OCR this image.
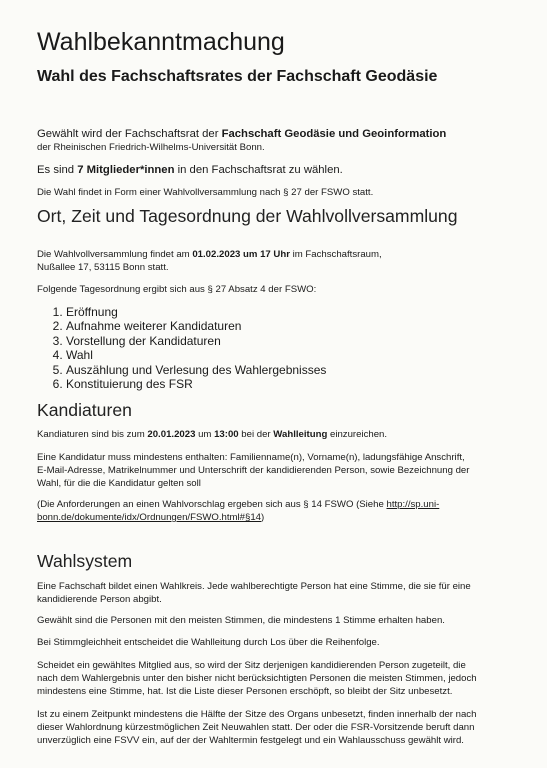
Wahlbekanntmachung
Wahl des Fachschaftsrates der Fachschaft Geodäsie
Gewählt wird der Fachschaftsrat der Fachschaft Geodäsie und Geoinformation
der Rheinischen Friedrich-Wilhelms-Universität Bonn.
Es sind 7 Mitglieder*innen in den Fachschaftsrat zu wählen.
Die Wahl findet in Form einer Wahlvollversammlung nach § 27 der FSWO statt.
Ort, Zeit und Tagesordnung der Wahlvollversammlung
Die Wahlvollversammlung findet am 01.02.2023 um 17 Uhr im Fachschaftsraum,
Nußallee 17, 53115 Bonn statt.
Folgende Tagesordnung ergibt sich aus § 27 Absatz 4 der FSWO:
1. Eröffnung
2. Aufnahme weiterer Kandidaturen
3. Vorstellung der Kandidaturen
4. Wahl
5. Auszählung und Verlesung des Wahlergebnisses
6. Konstituierung des FSR
Kandiaturen
Kandiaturen sind bis zum 20.01.2023 um 13:00 bei der Wahlleitung einzureichen.
Eine Kandidatur muss mindestens enthalten: Familienname(n), Vorname(n), ladungsfähige Anschrift,
E-Mail-Adresse, Matrikelnummer und Unterschrift der kandidierenden Person, sowie Bezeichnung der
Wahl, für die die Kandidatur gelten soll
(Die Anforderungen an einen Wahlvorschlag ergeben sich aus § 14 FSWO (Siehe http://sp.uni-
bonn.de/dokumente/idx/Ordnungen/FSWO.html#§14)
Wahlsystem
Eine Fachschaft bildet einen Wahlkreis. Jede wahlberechtigte Person hat eine Stimme, die sie für eine
kandidierende Person abgibt.
Gewählt sind die Personen mit den meisten Stimmen, die mindestens 1 Stimme erhalten haben.
Bei Stimmgleichheit entscheidet die Wahlleitung durch Los über die Reihenfolge.
Scheidet ein gewähltes Mitglied aus, so wird der Sitz derjenigen kandidierenden Person zugeteilt, die
nach dem Wahlergebnis unter den bisher nicht berücksichtigten Personen die meisten Stimmen, jedoch
mindestens eine Stimme, hat. Ist die Liste dieser Personen erschöpft, so bleibt der Sitz unbesetzt.
Ist zu einem Zeitpunkt mindestens die Hälfte der Sitze des Organs unbesetzt, finden innerhalb der nach
dieser Wahlordnung kürzestmöglichen Zeit Neuwahlen statt. Der oder die FSR-Vorsitzende beruft dann
unverzüglich eine FSVV ein, auf der der Wahltermin festgelegt und ein Wahlausschuss gewählt wird.
